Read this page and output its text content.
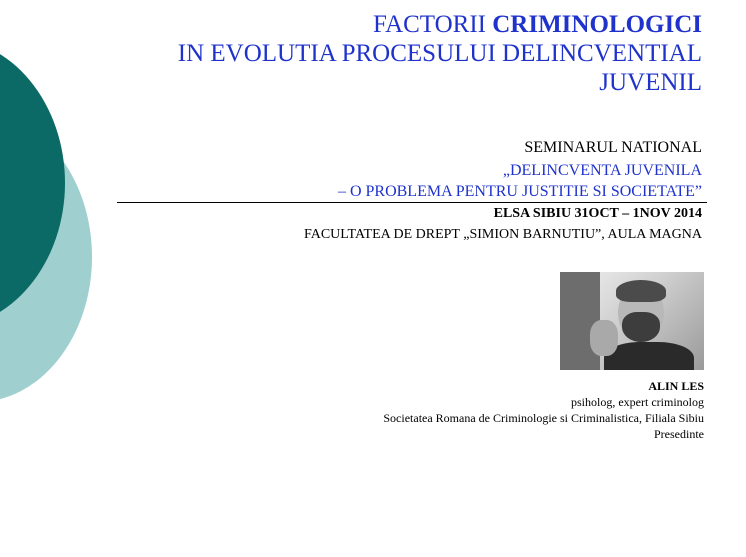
FACTORII CRIMINOLOGICI
IN EVOLUTIA PROCESULUI DELINCVENTIAL
JUVENIL
SEMINARUL NATIONAL
„DELINCVENTA JUVENILA
– O PROBLEMA PENTRU JUSTITIE SI SOCIETATE”
ELSA SIBIU 31OCT – 1NOV 2014
FACULTATEA DE DREPT „SIMION BARNUTIU”, AULA MAGNA
ALIN LES
psiholog, expert criminolog
Societatea Romana de Criminologie si Criminalistica, Filiala Sibiu
Presedinte
